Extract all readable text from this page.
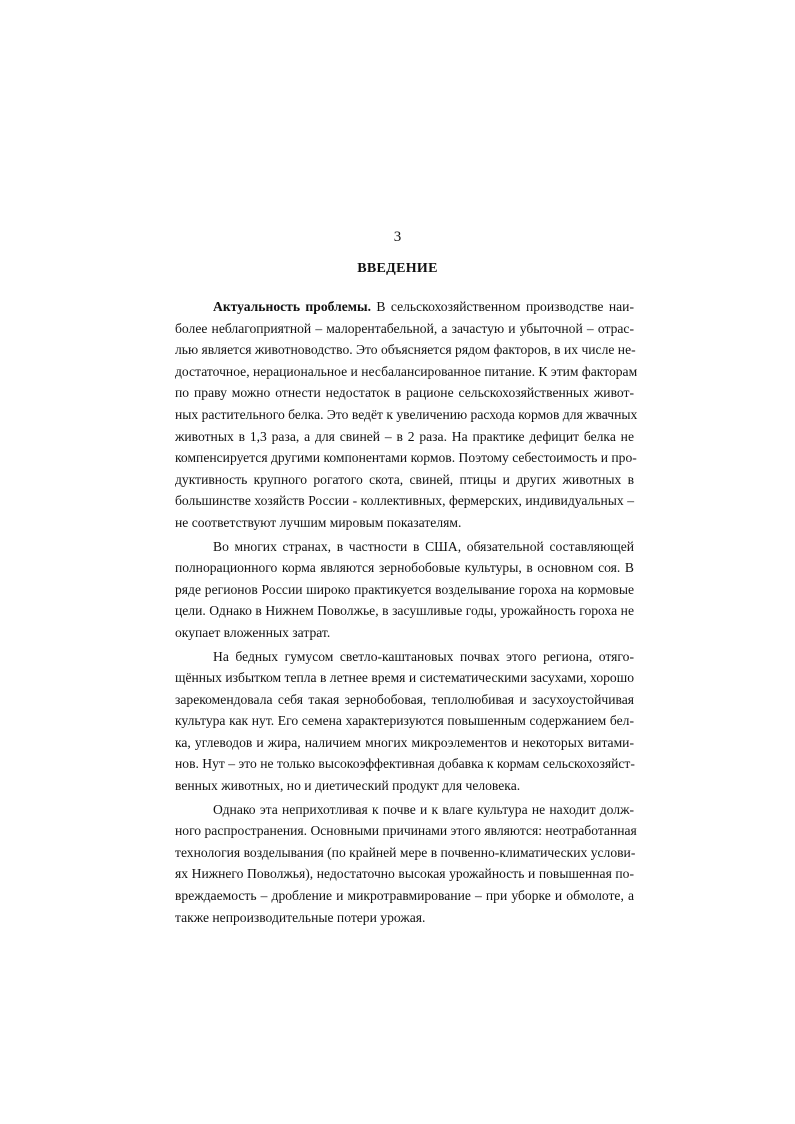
3
ВВЕДЕНИЕ

Актуальность проблемы. В сельскохозяйственном производстве наи-
более неблагоприятной – малорентабельной, а зачастую и убыточной – отрас-
лью является животноводство. Это объясняется рядом факторов, в их числе не-
достаточное, нерациональное и несбалансированное питание. К этим факторам
по праву можно отнести недостаток в рационе сельскохозяйственных живот-
ных растительного белка. Это ведёт к увеличению расхода кормов для жвачных
животных в 1,3 раза, а для свиней – в 2 раза. На практике дефицит белка не
компенсируется другими компонентами кормов. Поэтому себестоимость и про-
дуктивность крупного рогатого скота, свиней, птицы и других животных в
большинстве хозяйств России - коллективных, фермерских, индивидуальных –
не соответствуют лучшим мировым показателям.

Во многих странах, в частности в США, обязательной составляющей
полнорационного корма являются зернобобовые культуры, в основном соя. В
ряде регионов России широко практикуется возделывание гороха на кормовые
цели. Однако в Нижнем Поволжье, в засушливые годы, урожайность гороха не
окупает вложенных затрат.

На бедных гумусом светло-каштановых почвах этого региона, отяго-
щённых избытком тепла в летнее время и систематическими засухами, хорошо
зарекомендовала себя такая зернобобовая, теплолюбивая и засухоустойчивая
культура как нут. Его семена характеризуются повышенным содержанием бел-
ка, углеводов и жира, наличием многих микроэлементов и некоторых витами-
нов. Нут – это не только высокоэффективная добавка к кормам сельскохозяйст-
венных животных, но и диетический продукт для человека.

Однако эта неприхотливая к почве и к влаге культура не находит долж-
ного распространения. Основными причинами этого являются: неотработанная
технология возделывания (по крайней мере в почвенно-климатических услови-
ях Нижнего Поволжья), недостаточно высокая урожайность и повышенная по-
вреждаемость – дробление и микротравмирование – при уборке и обмолоте, а
также непроизводительные потери урожая.
